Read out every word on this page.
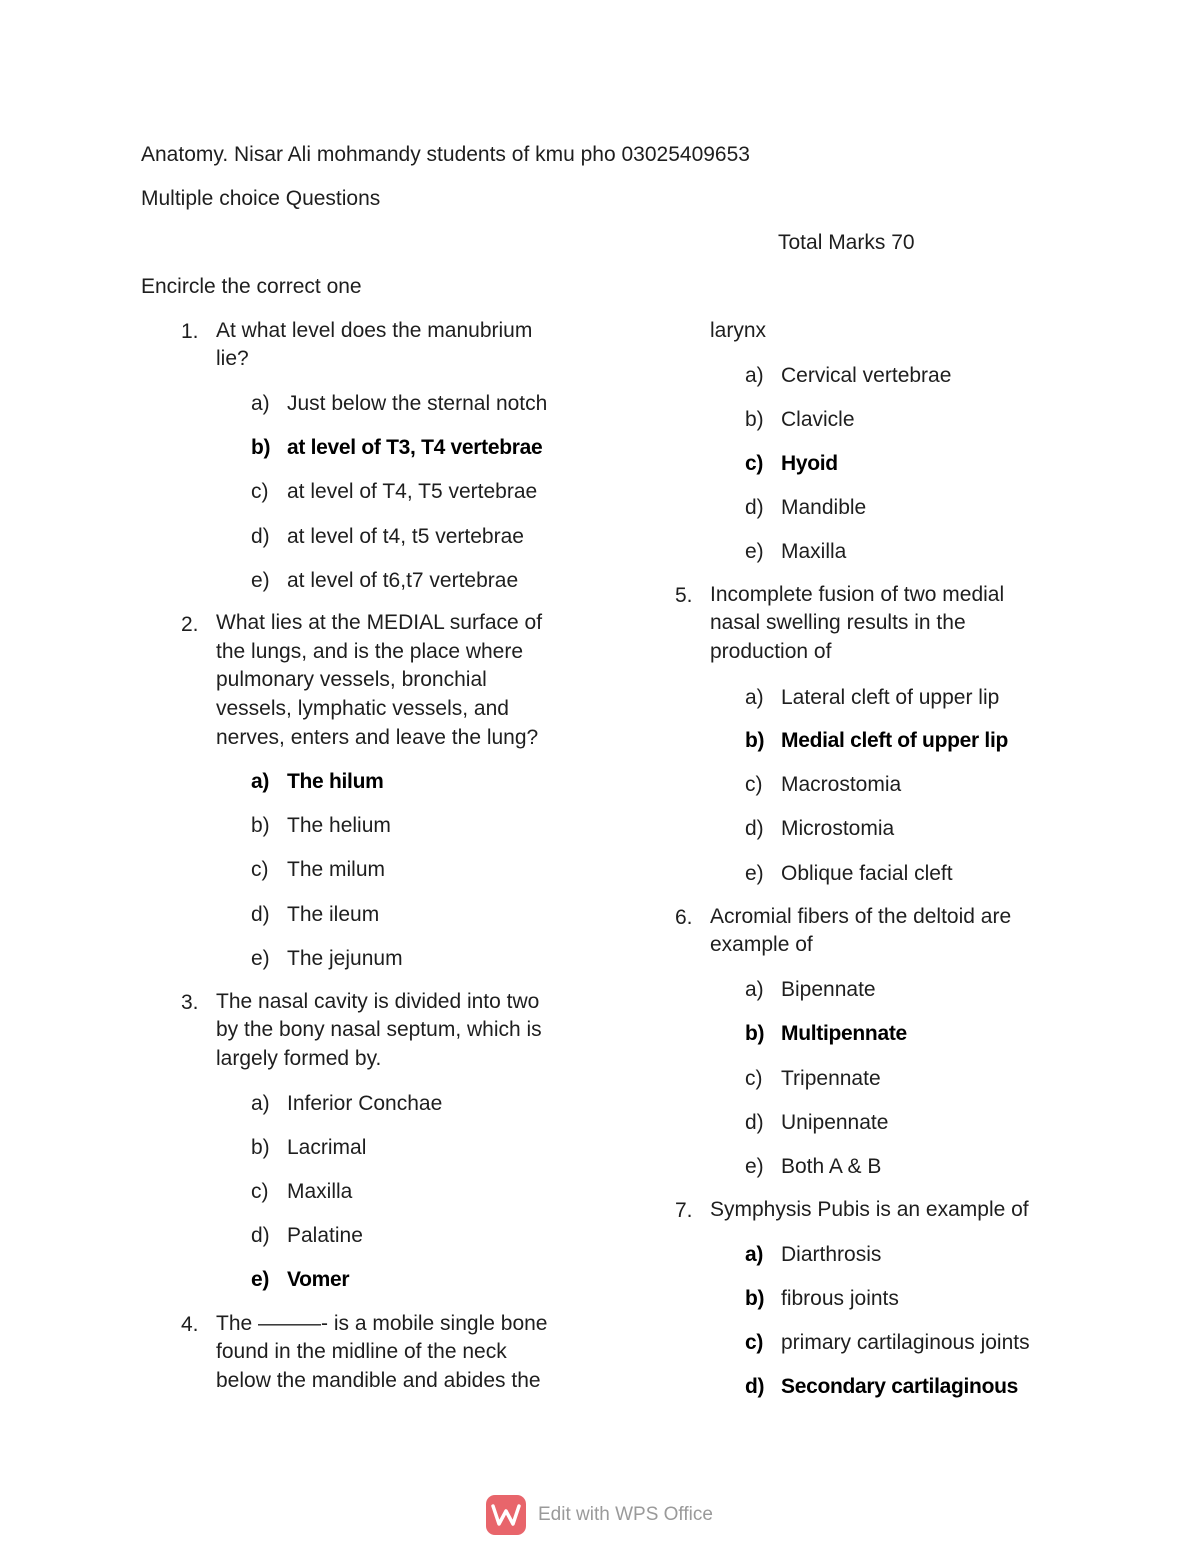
Anatomy. Nisar Ali mohmandy students of kmu pho 03025409653
Multiple choice Questions
Total Marks 70
Encircle the correct one
1. At what level does the manubrium
lie?
a) Just below the sternal notch
b) at level of T3, T4 vertebrae
c) at level of T4, T5 vertebrae
d) at level of t4, t5 vertebrae
e) at level of t6,t7 vertebrae
2. What lies at the MEDIAL surface of
the lungs, and is the place where
pulmonary vessels, bronchial
vessels, lymphatic vessels, and
nerves, enters and leave the lung?
a) The hilum
b) The helium
c) The milum
d) The ileum
e) The jejunum
3. The nasal cavity is divided into two
by the bony nasal septum, which is
largely formed by.
a) Inferior Conchae
b) Lacrimal
c) Maxilla
d) Palatine
e) Vomer
4. The ———- is a mobile single bone
found in the midline of the neck
below the mandible and abides the
larynx
a) Cervical vertebrae
b) Clavicle
c) Hyoid
d) Mandible
e) Maxilla
5. Incomplete fusion of two medial
nasal swelling results in the
production of
a) Lateral cleft of upper lip
b) Medial cleft of upper lip
c) Macrostomia
d) Microstomia
e) Oblique facial cleft
6. Acromial fibers of the deltoid are
example of
a) Bipennate
b) Multipennate
c) Tripennate
d) Unipennate
e) Both A & B
7. Symphysis Pubis is an example of
a) Diarthrosis
b) fibrous joints
c) primary cartilaginous joints
d) Secondary cartilaginous
Edit with WPS Office
